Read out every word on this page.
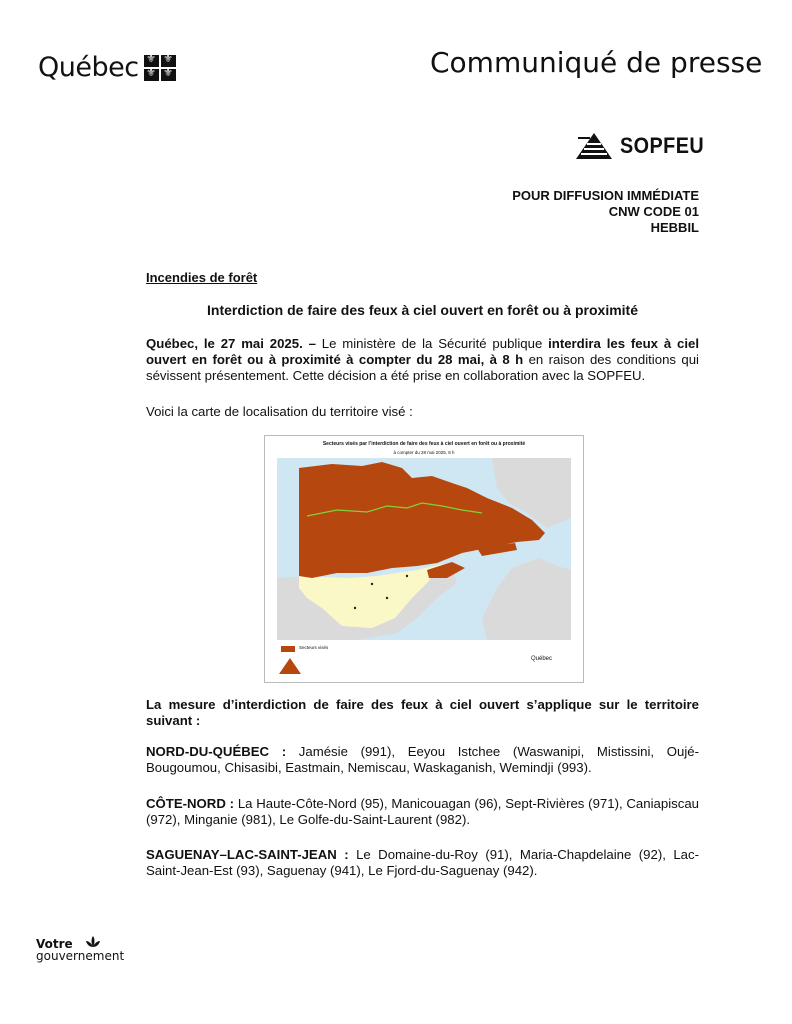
Québec ⚜ ⚜ ⚜ ⚜	Communiqué de presse
SOPFEU
POUR DIFFUSION IMMÉDIATE
CNW CODE 01
HEBBIL
Incendies de forêt
Interdiction de faire des feux à ciel ouvert en forêt ou à proximité
Québec, le 27 mai 2025. – Le ministère de la Sécurité publique interdira les feux à ciel ouvert en forêt ou à proximité à compter du 28 mai, à 8 h en raison des conditions qui sévissent présentement. Cette décision a été prise en collaboration avec la SOPFEU.
Voici la carte de localisation du territoire visé :
Secteurs visés par l’interdiction de faire des feux à ciel ouvert en forêt ou à proximité
à compter du 28 mai 2025, 8 h
Secteurs visés
Québec
La mesure d’interdiction de faire des feux à ciel ouvert s’applique sur le territoire suivant :
NORD-DU-QUÉBEC : Jamésie (991), Eeyou Istchee (Waswanipi, Mistissini, Oujé-Bougoumou, Chisasibi, Eastmain, Nemiscau, Waskaganish, Wemindji (993).
CÔTE-NORD : La Haute-Côte-Nord (95), Manicouagan (96), Sept-Rivières (971), Caniapiscau (972), Minganie (981), Le Golfe-du-Saint-Laurent (982).
SAGUENAY–LAC-SAINT-JEAN : Le Domaine-du-Roy (91), Maria-Chapdelaine (92), Lac-Saint-Jean-Est (93), Saguenay (941), Le Fjord-du-Saguenay (942).
Votre
gouvernement
